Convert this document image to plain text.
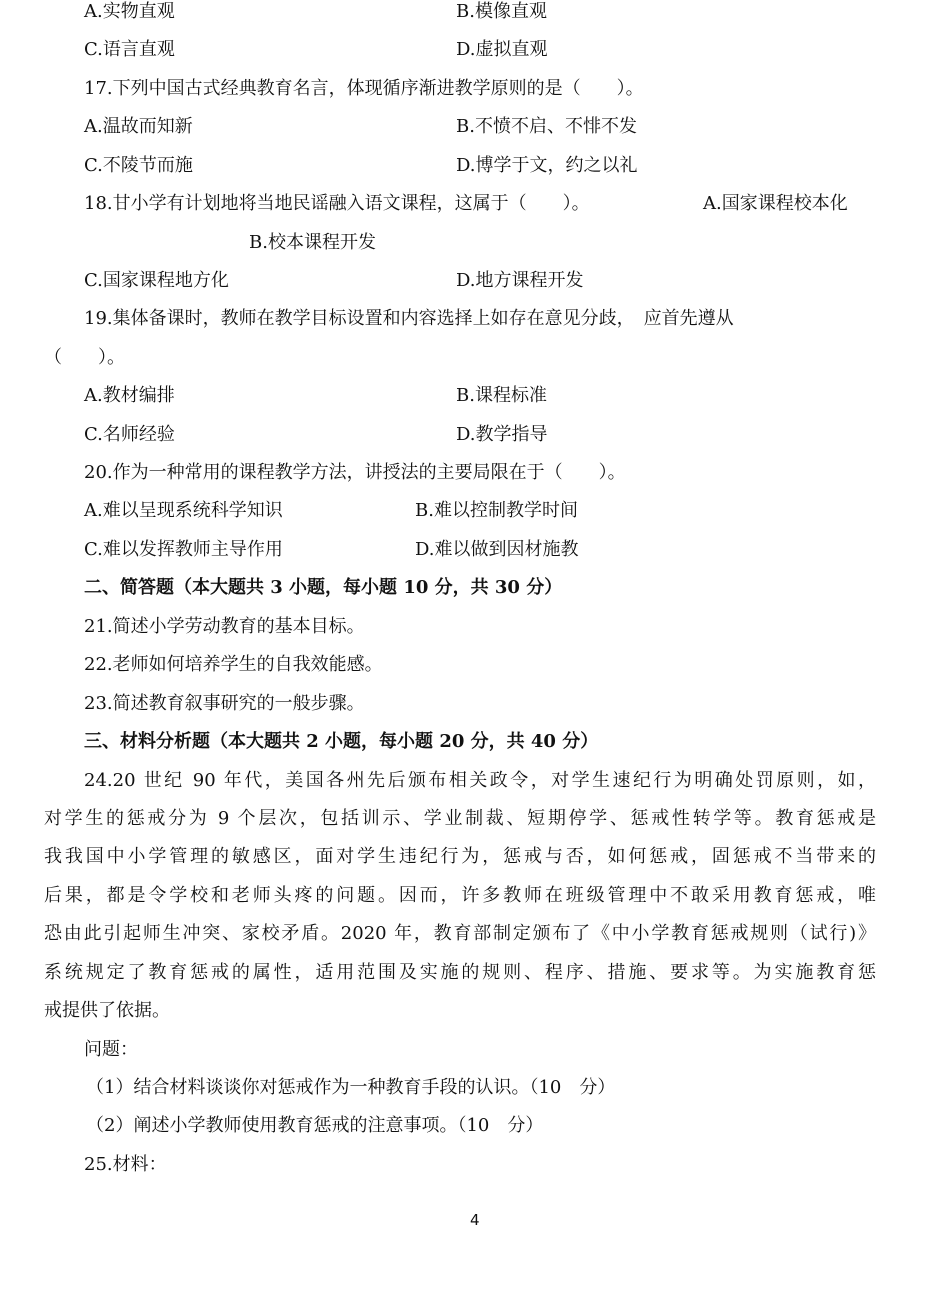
A.实物直观	B.模像直观
C.语言直观	D.虚拟直观
17.下列中国古式经典教育名言，体现循序渐进教学原则的是（　　）。
A.温故而知新	B.不愤不启、不悱不发
C.不陵节而施	D.博学于文，约之以礼
18.甘小学有计划地将当地民谣融入语文课程，这属于（　　）。	A.国家课程校本化
B.校本课程开发
C.国家课程地方化	D.地方课程开发
19.集体备课时，教师在教学目标设置和内容选择上如存在意见分歧，　应首先遵从
（　　）。
A.教材编排	B.课程标准
C.名师经验	D.教学指导
20.作为一种常用的课程教学方法，讲授法的主要局限在于（　　）。
A.难以呈现系统科学知识	B.难以控制教学时间
C.难以发挥教师主导作用	D.难以做到因材施教
二、简答题（本大题共 3 小题，每小题 10 分，共 30 分）
21.简述小学劳动教育的基本目标。
22.老师如何培养学生的自我效能感。
23.简述教育叙事研究的一般步骤。
三、材料分析题（本大题共 2 小题，每小题 20 分，共 40 分）
24.20 世纪 90 年代，美国各州先后颁布相关政令，对学生速纪行为明确处罚原则，如，
对学生的惩戒分为 9 个层次，包括训示、学业制裁、短期停学、惩戒性转学等。教育惩戒是
我我国中小学管理的敏感区，面对学生违纪行为，惩戒与否，如何惩戒，固惩戒不当带来的
后果，都是令学校和老师头疼的问题。因而，许多教师在班级管理中不敢采用教育惩戒，唯
恐由此引起师生冲突、家校矛盾。2020 年，教育部制定颁布了《中小学教育惩戒规则（试行)》
系统规定了教育惩戒的属性，适用范围及实施的规则、程序、措施、要求等。为实施教育惩
戒提供了依据。
问题：
（1）结合材料谈谈你对惩戒作为一种教育手段的认识。（10　分）
（2）阐述小学教师使用教育惩戒的注意事项。（10　分）
25.材料：
4
